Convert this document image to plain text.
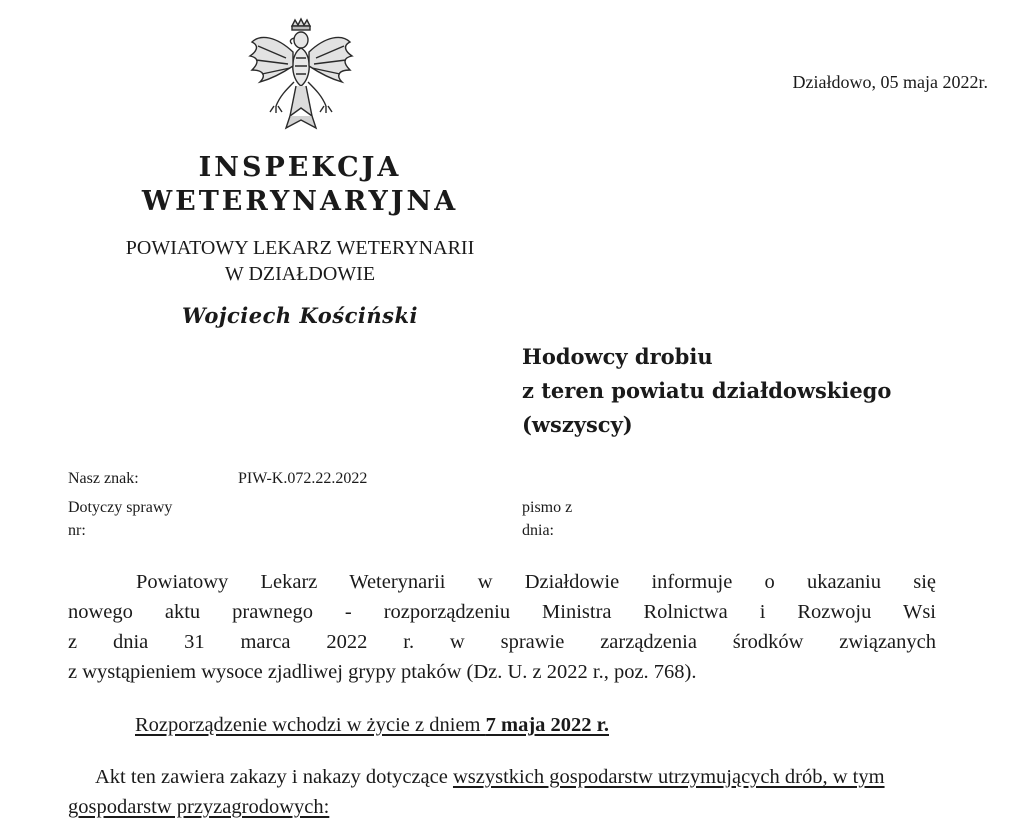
Działdowo, 05 maja 2022r.
INSPEKCJA
WETERYNARYJNA
POWIATOWY LEKARZ WETERYNARII
W DZIAŁDOWIE
Wojciech Kościński
Hodowcy drobiu
z teren powiatu działdowskiego
(wszyscy)
Nasz znak:	PIW-K.072.22.2022
Dotyczy sprawy
nr:
pismo z
dnia:
Powiatowy Lekarz Weterynarii w Działdowie informuje o ukazaniu się
nowego aktu prawnego - rozporządzeniu Ministra Rolnictwa i Rozwoju Wsi
z dnia 31 marca 2022 r. w sprawie zarządzenia środków związanych
z wystąpieniem wysoce zjadliwej grypy ptaków (Dz. U. z 2022 r., poz. 768).
Rozporządzenie wchodzi w życie z dniem 7 maja 2022 r.
Akt ten zawiera zakazy i nakazy dotyczące wszystkich gospodarstw utrzymujących drób, w tym gospodarstw przyzagrodowych:
